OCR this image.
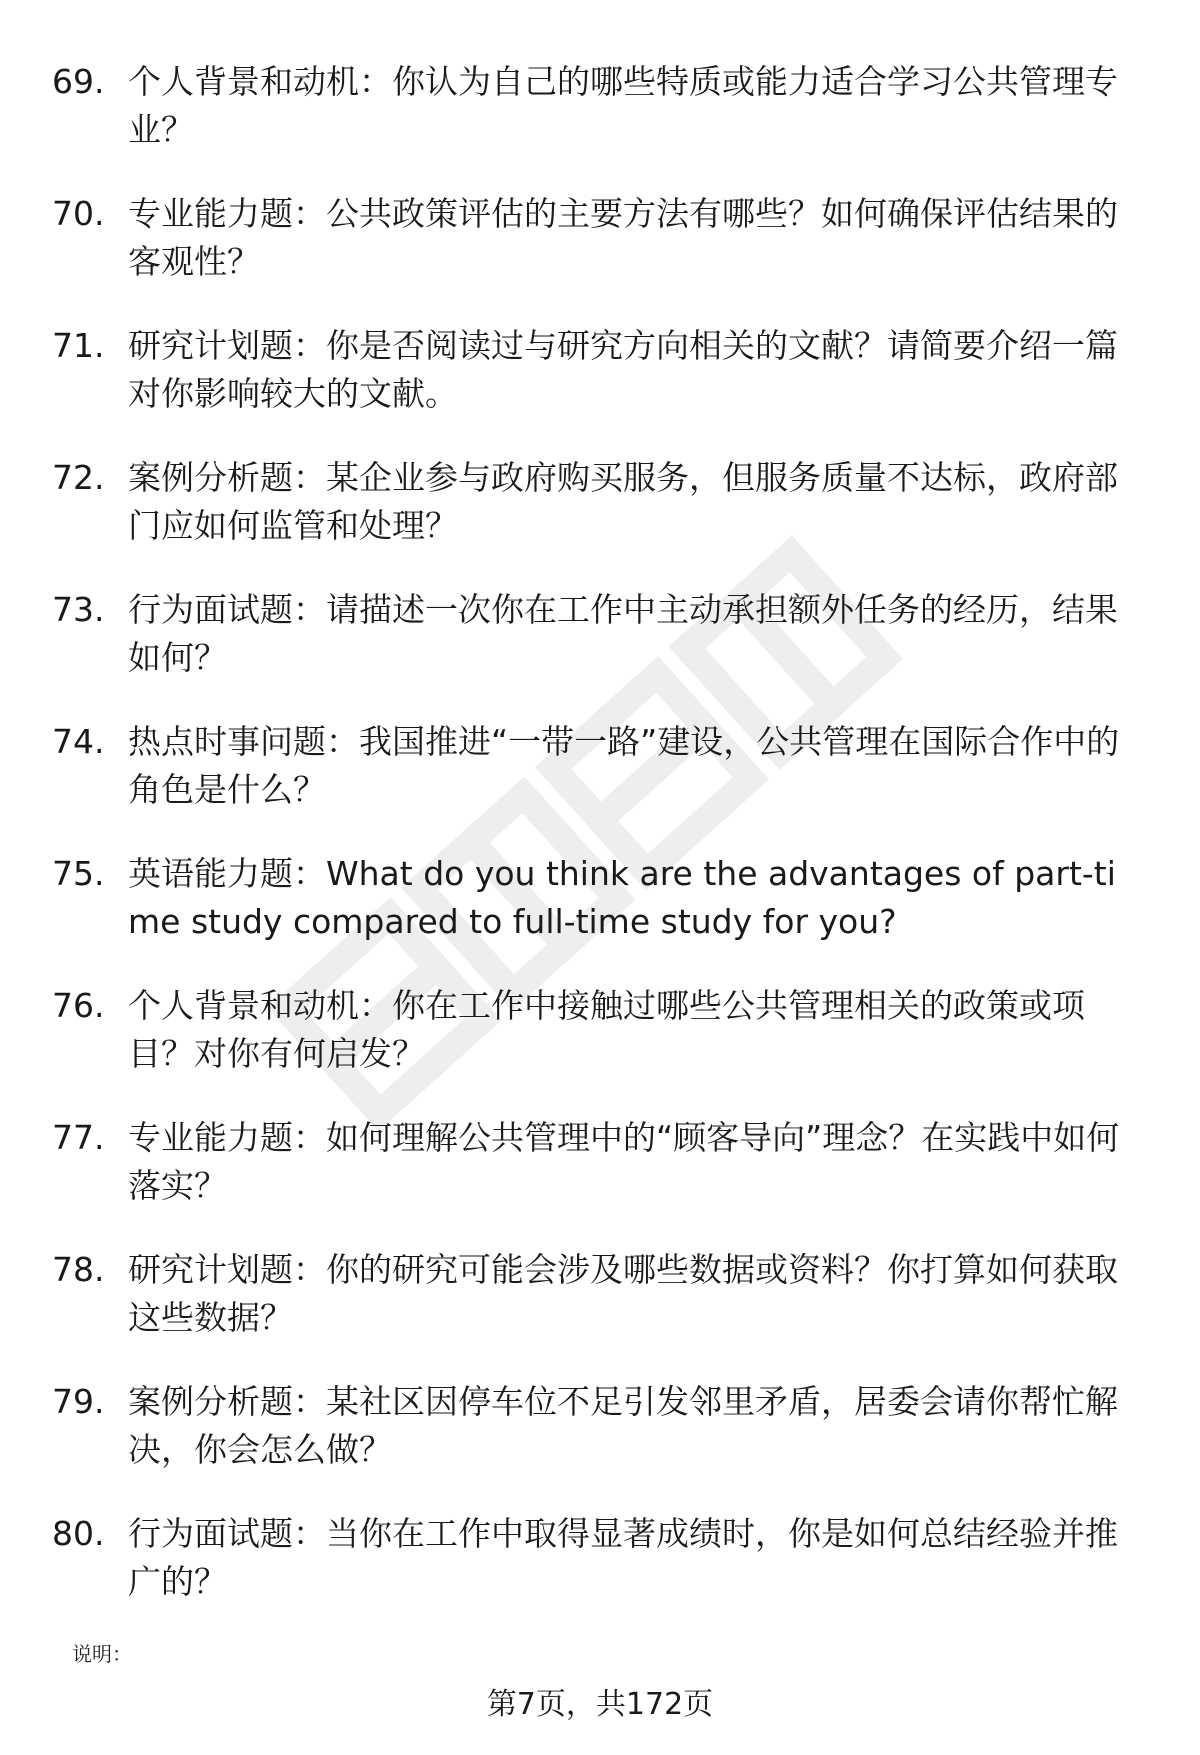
69. 个人背景和动机：你认为自己的哪些特质或能力适合学习公共管理专业？
70. 专业能力题：公共政策评估的主要方法有哪些？如何确保评估结果的客观性？
71. 研究计划题：你是否阅读过与研究方向相关的文献？请简要介绍一篇对你影响较大的文献。
72. 案例分析题：某企业参与政府购买服务，但服务质量不达标，政府部门应如何监管和处理？
73. 行为面试题：请描述一次你在工作中主动承担额外任务的经历，结果如何？
74. 热点时事问题：我国推进“一带一路”建设，公共管理在国际合作中的角色是什么？
75. 英语能力题：What do you think are the advantages of part-time study compared to full-time study for you?
76. 个人背景和动机：你在工作中接触过哪些公共管理相关的政策或项目？对你有何启发？
77. 专业能力题：如何理解公共管理中的“顾客导向”理念？在实践中如何落实？
78. 研究计划题：你的研究可能会涉及哪些数据或资料？你打算如何获取这些数据？
79. 案例分析题：某社区因停车位不足引发邻里矛盾，居委会请你帮忙解决，你会怎么做？
80. 行为面试题：当你在工作中取得显著成绩时，你是如何总结经验并推广的？
说明：
第7页，共172页
